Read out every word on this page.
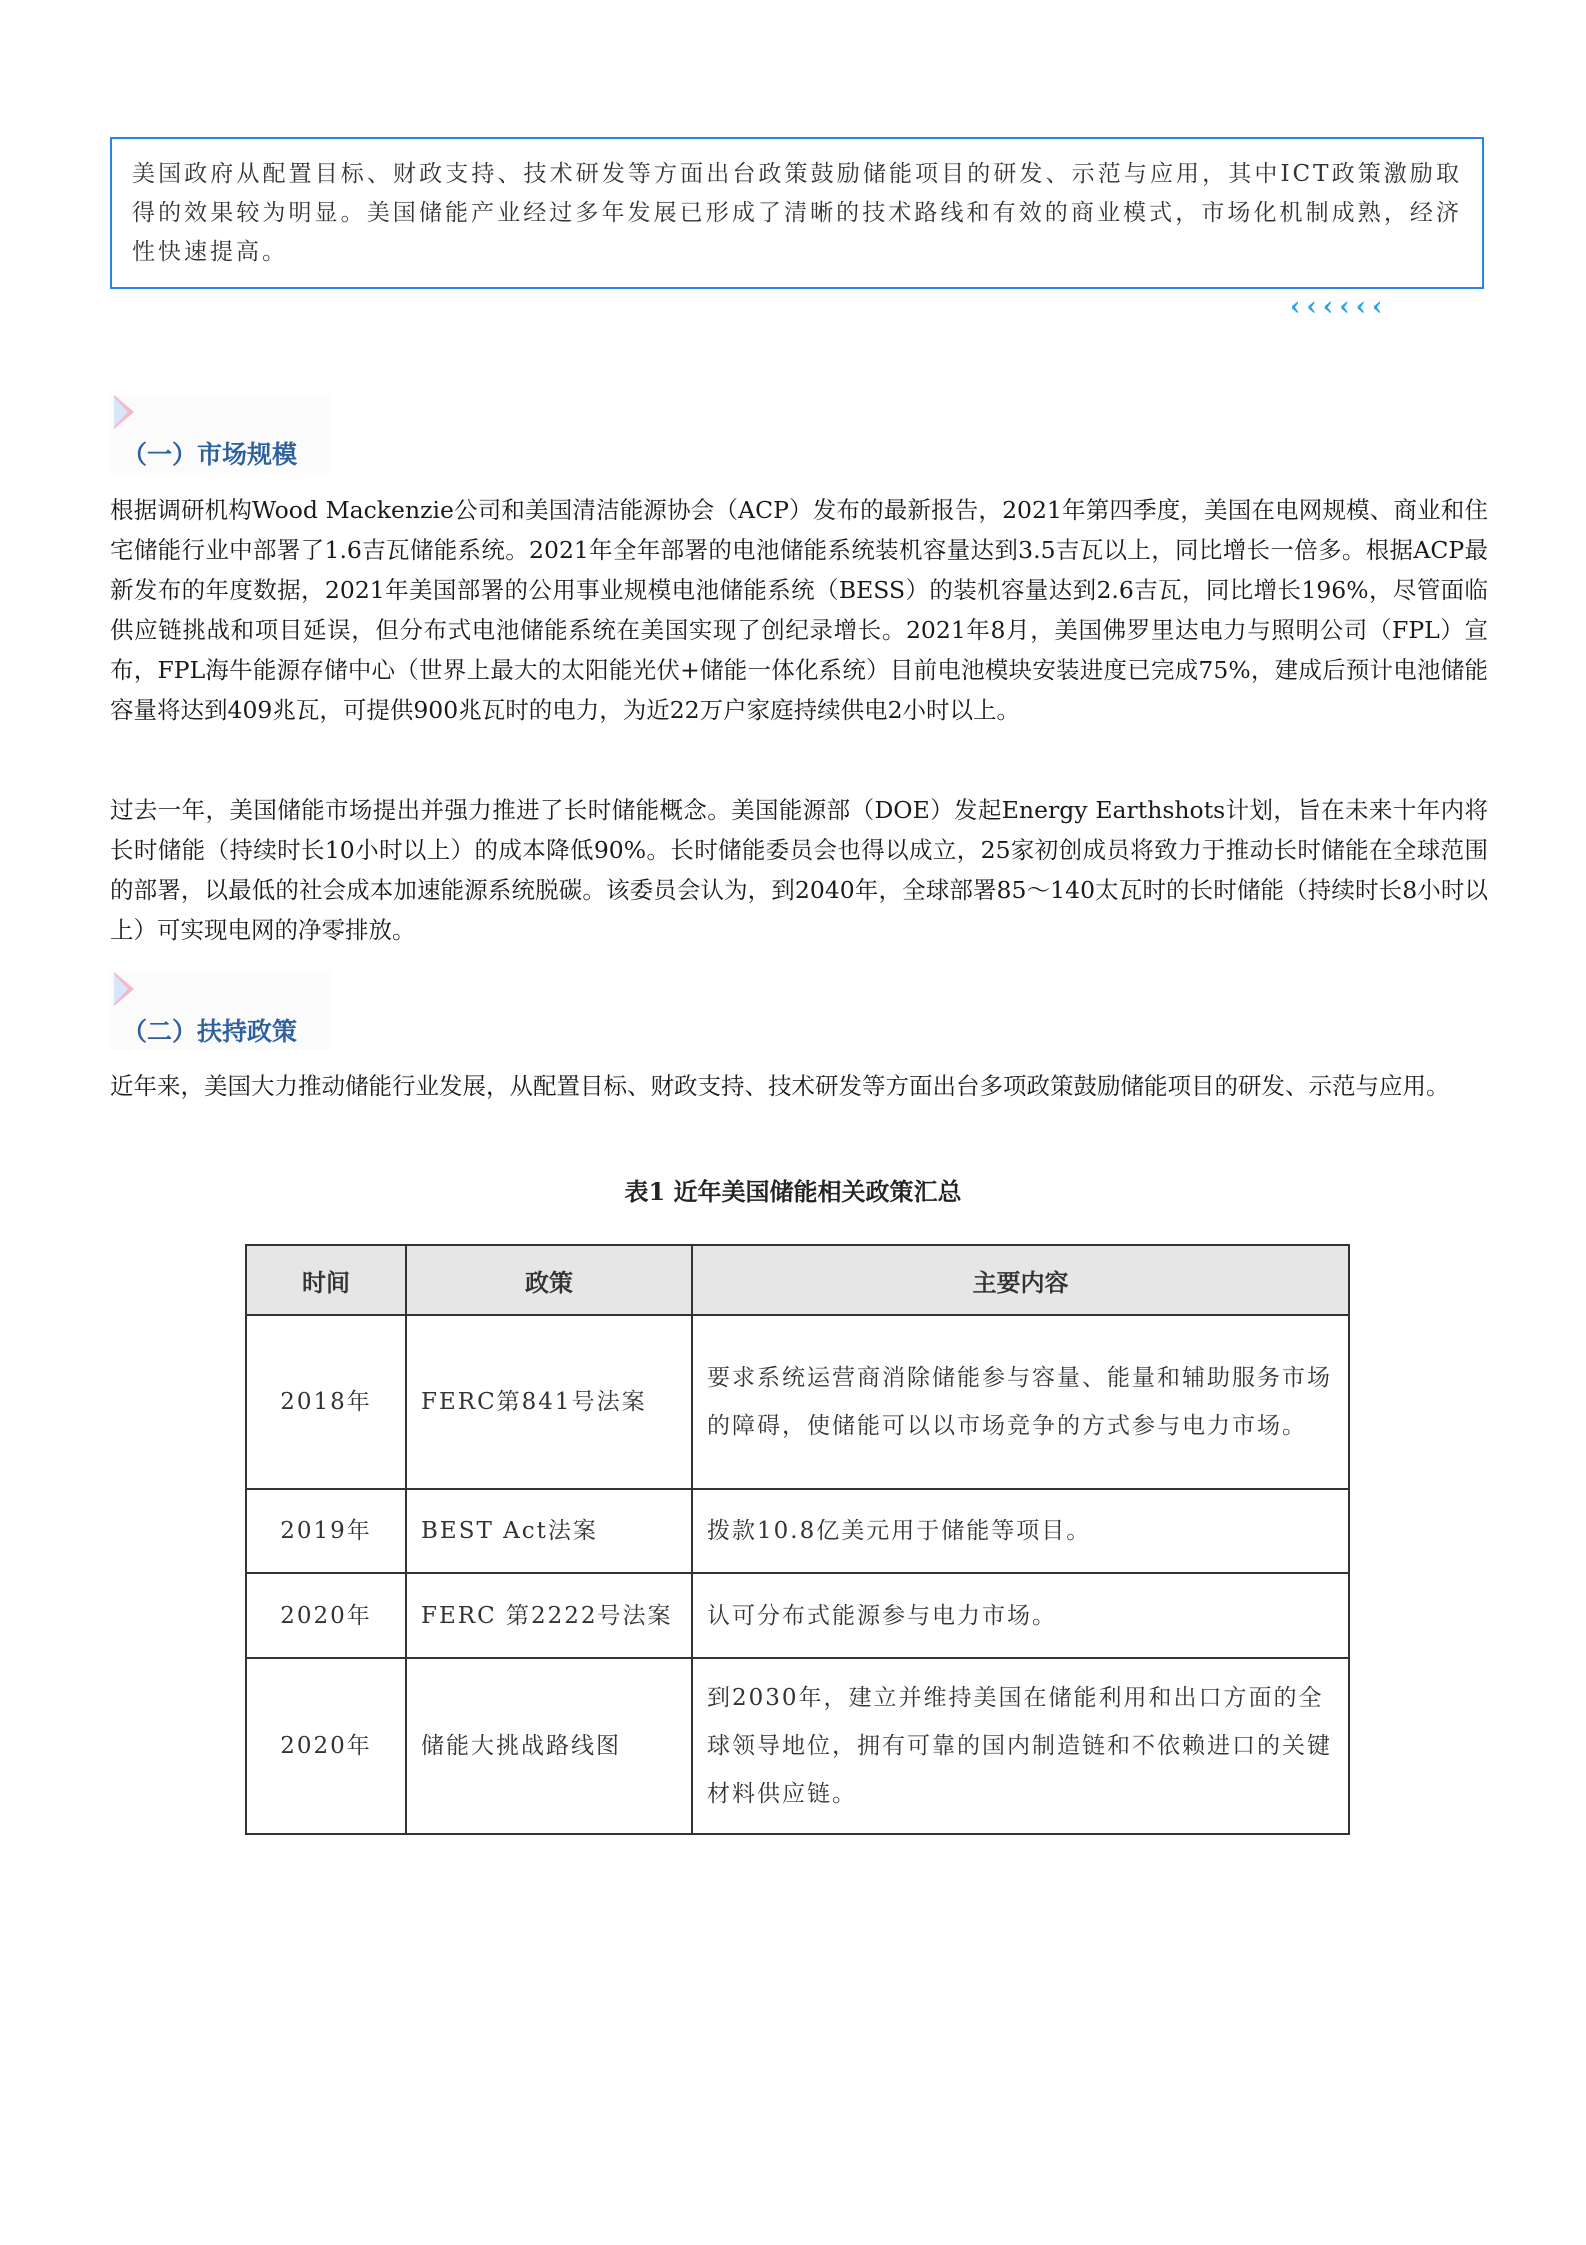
美国政府从配置目标、财政支持、技术研发等方面出台政策鼓励储能项目的研发、示范与应用，其中ICT政策激励取得的效果较为明显。美国储能产业经过多年发展已形成了清晰的技术路线和有效的商业模式，市场化机制成熟，经济性快速提高。
‹‹‹‹‹‹
（一）市场规模

根据调研机构Wood Mackenzie公司和美国清洁能源协会（ACP）发布的最新报告，2021年第四季度，美国在电网规模、商业和住宅储能行业中部署了1.6吉瓦储能系统。2021年全年部署的电池储能系统装机容量达到3.5吉瓦以上，同比增长一倍多。根据ACP最新发布的年度数据，2021年美国部署的公用事业规模电池储能系统（BESS）的装机容量达到2.6吉瓦，同比增长196%，尽管面临供应链挑战和项目延误，但分布式电池储能系统在美国实现了创纪录增长。2021年8月，美国佛罗里达电力与照明公司（FPL）宣布，FPL海牛能源存储中心（世界上最大的太阳能光伏+储能一体化系统）目前电池模块安装进度已完成75%，建成后预计电池储能容量将达到409兆瓦，可提供900兆瓦时的电力，为近22万户家庭持续供电2小时以上。

过去一年，美国储能市场提出并强力推进了长时储能概念。美国能源部（DOE）发起Energy Earthshots计划，旨在未来十年内将长时储能（持续时长10小时以上）的成本降低90%。长时储能委员会也得以成立，25家初创成员将致力于推动长时储能在全球范围的部署，以最低的社会成本加速能源系统脱碳。该委员会认为，到2040年，全球部署85～140太瓦时的长时储能（持续时长8小时以上）可实现电网的净零排放。

（二）扶持政策

近年来，美国大力推动储能行业发展，从配置目标、财政支持、技术研发等方面出台多项政策鼓励储能项目的研发、示范与应用。

表1 近年美国储能相关政策汇总
时间	政策	主要内容
2018年	FERC第841号法案	要求系统运营商消除储能参与容量、能量和辅助服务市场的障碍，使储能可以以市场竞争的方式参与电力市场。
2019年	BEST Act法案	拨款10.8亿美元用于储能等项目。
2020年	FERC 第2222号法案	认可分布式能源参与电力市场。
2020年	储能大挑战路线图	到2030年，建立并维持美国在储能利用和出口方面的全球领导地位，拥有可靠的国内制造链和不依赖进口的关键材料供应链。
